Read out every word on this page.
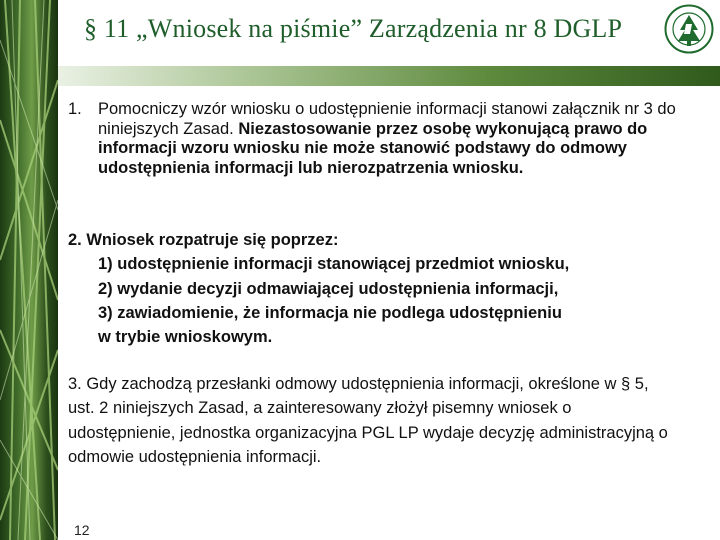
§ 11 „Wniosek na piśmie” Zarządzenia nr 8 DGLP
1. Pomocniczy wzór wniosku o udostępnienie informacji stanowi załącznik nr 3 do niniejszych Zasad. Niezastosowanie przez osobę wykonującą prawo do informacji wzoru wniosku nie może stanowić podstawy do odmowy udostępnienia informacji lub nierozpatrzenia wniosku.
2. Wniosek rozpatruje się poprzez:
1) udostępnienie informacji stanowiącej przedmiot wniosku,
2) wydanie decyzji odmawiającej udostępnienia informacji,
3) zawiadomienie, że informacja nie podlega udostępnieniu
w trybie wnioskowym.
3. Gdy zachodzą przesłanki odmowy udostępnienia informacji, określone w § 5, ust. 2 niniejszych Zasad, a zainteresowany złożył pisemny wniosek o udostępnienie, jednostka organizacyjna PGL LP wydaje decyzję administracyjną o odmowie udostępnienia informacji.
12
